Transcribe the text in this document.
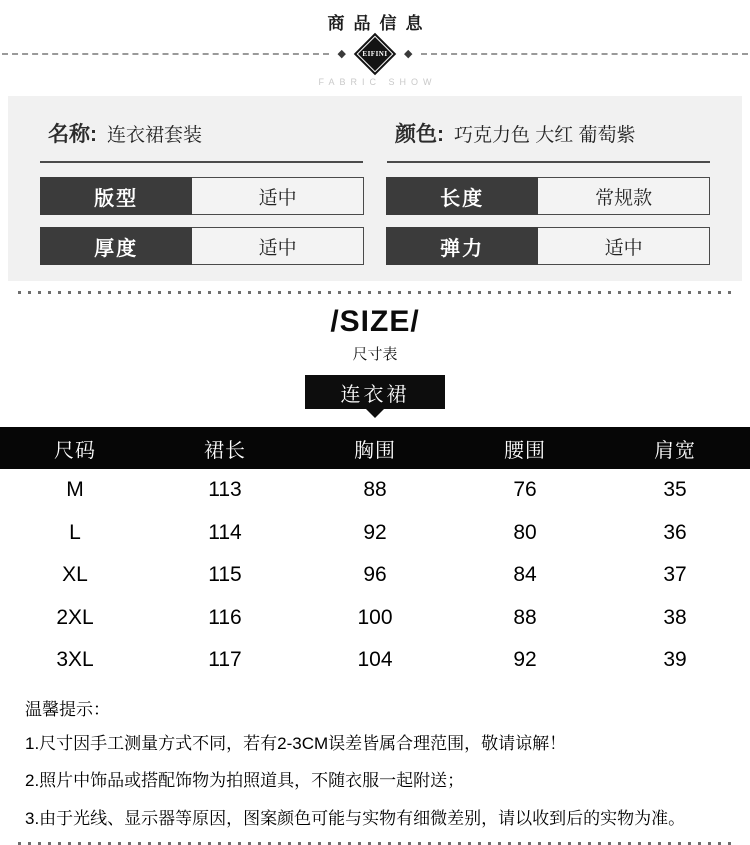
商品信息
◆	EIFINI ◆
FABRIC SHOW
名称: 连衣裙套装	颜色: 巧克力色 大红 葡萄紫
版型	适中	长度	常规款
厚度	适中	弹力	适中
/SIZE/
尺寸表
连衣裙
尺码	裙长	胸围	腰围	肩宽
M	113	88	76	35
L	114	92	80	36
XL	115	96	84	37
2XL	116	100	88	38
3XL	117	104	92	39
温馨提示：
1.尺寸因手工测量方式不同，若有2-3CM误差皆属合理范围，敬请谅解！
2.照片中饰品或搭配饰物为拍照道具，不随衣服一起附送；
3.由于光线、显示器等原因，图案颜色可能与实物有细微差别，请以收到后的实物为准。
